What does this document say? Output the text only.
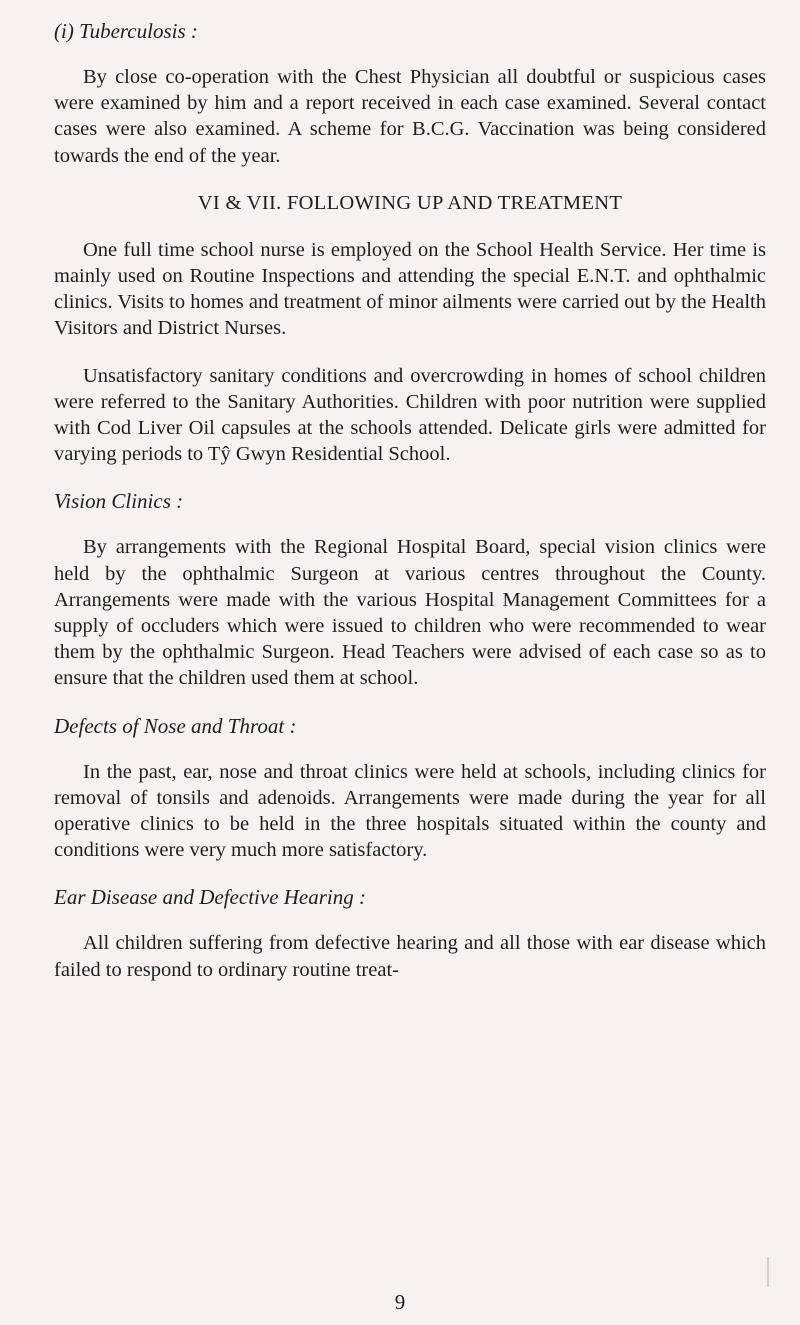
(i) Tuberculosis :

By close co-operation with the Chest Physician all doubtful or suspicious cases were examined by him and a report received in each case examined. Several contact cases were also examined. A scheme for B.C.G. Vaccination was being considered towards the end of the year.

VI & VII. FOLLOWING UP AND TREATMENT

One full time school nurse is employed on the School Health Service. Her time is mainly used on Routine Inspections and attending the special E.N.T. and ophthalmic clinics. Visits to homes and treatment of minor ailments were carried out by the Health Visitors and District Nurses.

Unsatisfactory sanitary conditions and overcrowding in homes of school children were referred to the Sanitary Authorities. Children with poor nutrition were supplied with Cod Liver Oil capsules at the schools attended. Delicate girls were admitted for varying periods to Tŷ Gwyn Residential School.

Vision Clinics :

By arrangements with the Regional Hospital Board, special vision clinics were held by the ophthalmic Surgeon at various centres throughout the County. Arrangements were made with the various Hospital Management Committees for a supply of occluders which were issued to children who were recommended to wear them by the ophthalmic Surgeon. Head Teachers were advised of each case so as to ensure that the children used them at school.

Defects of Nose and Throat :

In the past, ear, nose and throat clinics were held at schools, including clinics for removal of tonsils and adenoids. Arrangements were made during the year for all operative clinics to be held in the three hospitals situated within the county and conditions were very much more satisfactory.

Ear Disease and Defective Hearing :

All children suffering from defective hearing and all those with ear disease which failed to respond to ordinary routine treat-

9
